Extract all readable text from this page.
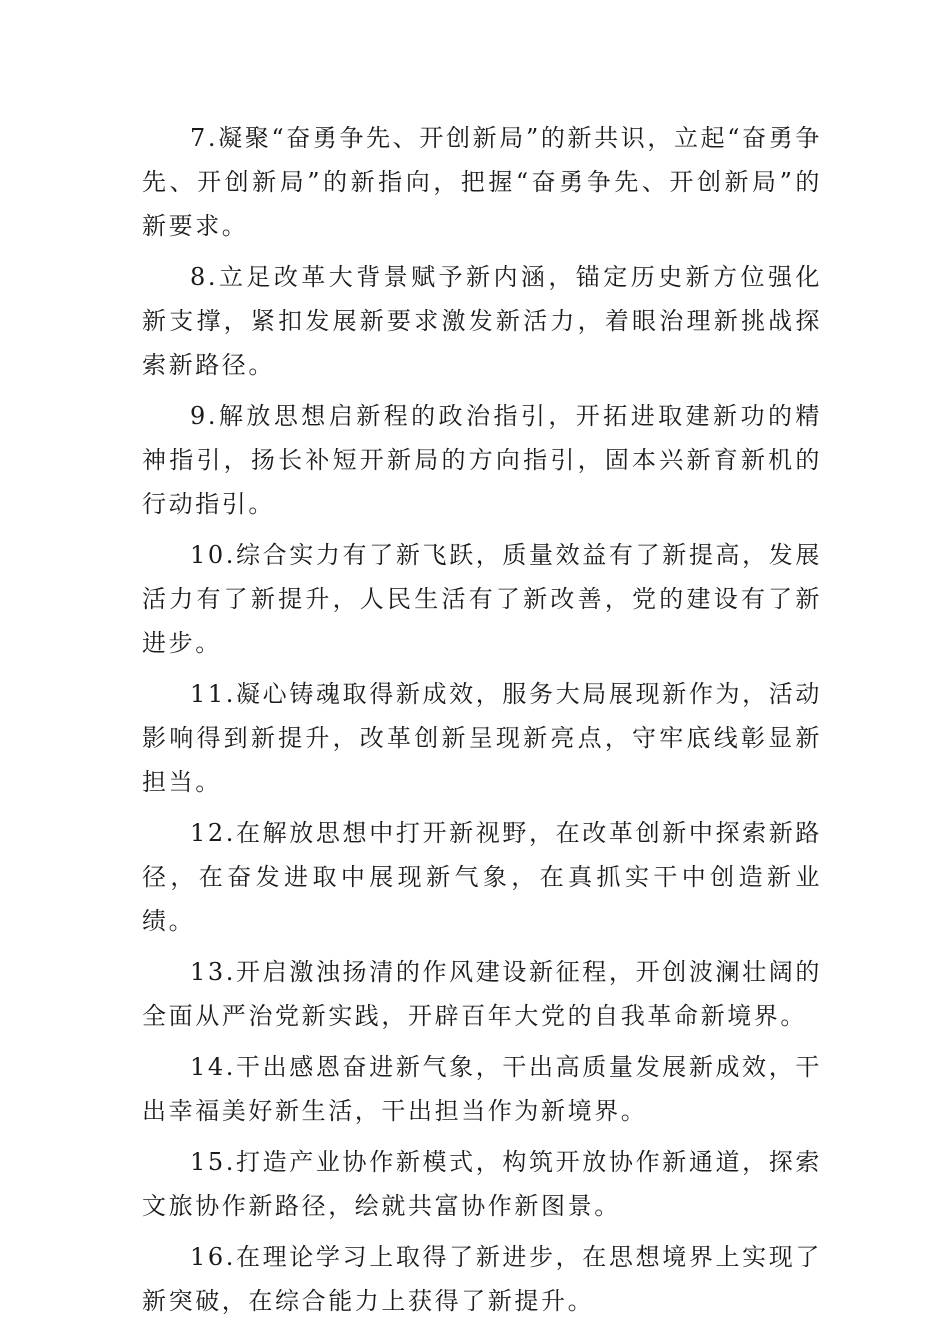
7.凝聚“奋勇争先、开创新局”的新共识，立起“奋勇争先、开创新局”的新指向，把握“奋勇争先、开创新局”的新要求。

8.立足改革大背景赋予新内涵，锚定历史新方位强化新支撑，紧扣发展新要求激发新活力，着眼治理新挑战探索新路径。

9.解放思想启新程的政治指引，开拓进取建新功的精神指引，扬长补短开新局的方向指引，固本兴新育新机的行动指引。

10.综合实力有了新飞跃，质量效益有了新提高，发展活力有了新提升，人民生活有了新改善，党的建设有了新进步。

11.凝心铸魂取得新成效，服务大局展现新作为，活动影响得到新提升，改革创新呈现新亮点，守牢底线彰显新担当。

12.在解放思想中打开新视野，在改革创新中探索新路径，在奋发进取中展现新气象，在真抓实干中创造新业绩。

13.开启激浊扬清的作风建设新征程，开创波澜壮阔的全面从严治党新实践，开辟百年大党的自我革命新境界。

14.干出感恩奋进新气象，干出高质量发展新成效，干出幸福美好新生活，干出担当作为新境界。

15.打造产业协作新模式，构筑开放协作新通道，探索文旅协作新路径，绘就共富协作新图景。

16.在理论学习上取得了新进步，在思想境界上实现了新突破，在综合能力上获得了新提升。
